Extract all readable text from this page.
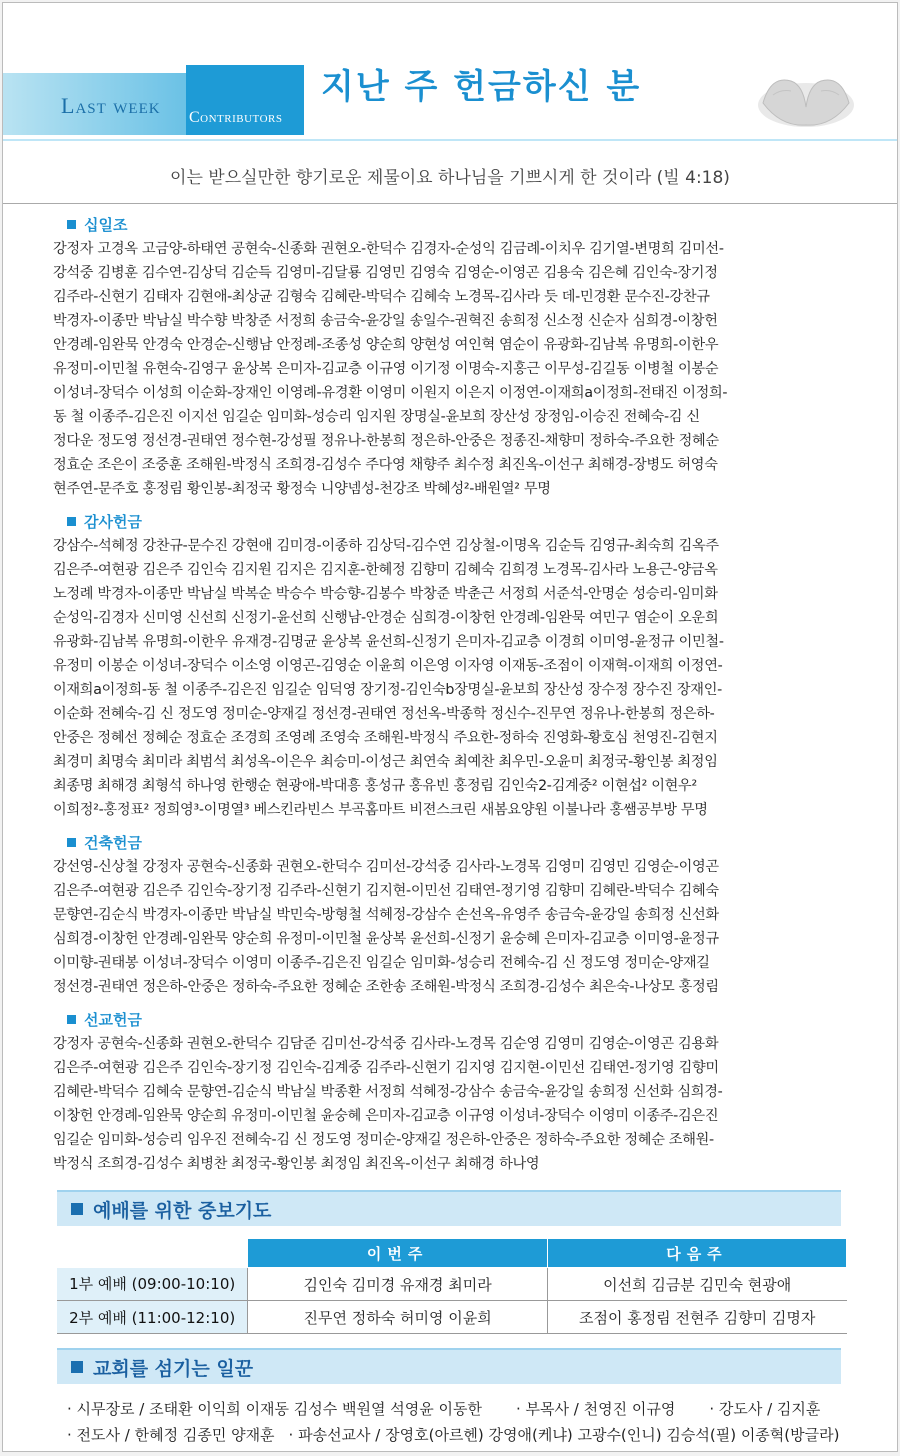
Last week Contributors
지난 주 헌금하신 분
이는 받으실만한 향기로운 제물이요 하나님을 기쁘시게 한 것이라 (빌 4:18)
십일조
강정자 고경옥 고금양-하태연 공현숙-신종화 권현오-한덕수 김경자-순성익 김금례-이치우 김기열-변명희 김미선-
강석중 김병훈 김수연-김상덕 김순득 김영미-김달룡 김영민 김영숙 김영순-이영곤 김용숙 김은혜 김인숙-장기정
김주라-신현기 김태자 김현애-최상균 김형숙 김혜란-박덕수 김혜숙 노경목-김사라 듯 데-민경환 문수진-강찬규
박경자-이종만 박남실 박수향 박창준 서정희 송금숙-윤강일 송일수-권혁진 송희정 신소정 신순자 심희경-이창헌
안경례-임완묵 안경숙 안경순-신행남 안정례-조종성 양순희 양현성 여인혁 염순이 유광화-김남복 유명희-이한우
유정미-이민철 유현숙-김영구 윤상복 은미자-김교층 이규영 이기정 이명숙-지홍근 이무성-김길동 이병철 이봉순
이성녀-장덕수 이성희 이순화-장재인 이영례-유경환 이영미 이원지 이은지 이정연-이재희a이정희-전태진 이정희-
동 철 이종주-김은진 이지선 임길순 임미화-성승리 임지원 장명실-윤보희 장산성 장정임-이승진 전혜숙-김 신
정다운 정도영 정선경-권태연 정수현-강성필 정유나-한봉희 정은하-안중은 정종진-채향미 정하숙-주요한 정혜순
정효순 조은이 조중훈 조해원-박정식 조희경-김성수 주다영 채향주 최수정 최진옥-이선구 최해경-장병도 허영숙
현주연-문주호 홍정림 황인봉-최정국 황정숙 니양넴성-천강조 박혜성²-배원열² 무명
감사헌금
강삼수-석혜정 강찬규-문수진 강현애 김미경-이종하 김상덕-김수연 김상철-이명옥 김순득 김영규-최숙희 김옥주
김은주-여현광 김은주 김인숙 김지원 김지은 김지훈-한혜정 김향미 김혜숙 김희경 노경목-김사라 노용근-양금옥
노정례 박경자-이종만 박남실 박복순 박승수 박승향-김봉수 박창준 박춘근 서정희 서준석-안명순 성승리-임미화
순성익-김경자 신미영 신선희 신정기-윤선희 신행남-안경순 심희경-이창헌 안경례-임완묵 여민구 염순이 오운희
유광화-김남복 유명희-이한우 유재경-김명균 윤상복 윤선희-신정기 은미자-김교층 이경희 이미영-윤정규 이민철-
유정미 이봉순 이성녀-장덕수 이소영 이영곤-김영순 이윤희 이은영 이자영 이재동-조점이 이재혁-이재희 이정연-
이재희a이정희-동 철 이종주-김은진 임길순 임덕영 장기정-김인숙b장명실-윤보희 장산성 장수정 장수진 장재인-
이순화 전혜숙-김 신 정도영 정미순-양재길 정선경-권태연 정선옥-박종학 정신수-진무연 정유나-한봉희 정은하-
안중은 정혜선 정혜순 정효순 조경희 조영례 조영숙 조해원-박정식 주요한-정하숙 진영화-황호심 천영진-김현지
최경미 최명숙 최미라 최범석 최성옥-이은우 최승미-이성근 최연숙 최예찬 최우민-오윤미 최정국-황인봉 최정임
최종명 최해경 최형석 하나영 한행순 현광애-박대흥 홍성규 홍유빈 홍정림 김인숙2-김계중² 이현섭² 이현우²
이희정²-홍정표² 정희영³-이명열³ 베스킨라빈스 부곡홈마트 비젼스크린 새봄요양원 이불나라 홍쌤공부방 무명
건축헌금
강선영-신상철 강정자 공현숙-신종화 권현오-한덕수 김미선-강석중 김사라-노경목 김영미 김영민 김영순-이영곤
김은주-여현광 김은주 김인숙-장기정 김주라-신현기 김지현-이민선 김태연-정기영 김향미 김혜란-박덕수 김혜숙
문향연-김순식 박경자-이종만 박남실 박민숙-방형철 석혜정-강삼수 손선옥-유영주 송금숙-윤강일 송희정 신선화
심희경-이창헌 안경례-임완묵 양순희 유정미-이민철 윤상복 윤선희-신정기 윤숭혜 은미자-김교층 이미영-윤정규
이미향-권태봉 이성녀-장덕수 이영미 이종주-김은진 임길순 임미화-성승리 전혜숙-김 신 정도영 정미순-양재길
정선경-권태연 정은하-안중은 정하숙-주요한 정혜순 조한송 조해원-박정식 조희경-김성수 최은숙-나상모 홍정림
선교헌금
강정자 공현숙-신종화 권현오-한덕수 김담준 김미선-강석중 김사라-노경목 김순영 김영미 김영순-이영곤 김용화
김은주-여현광 김은주 김인숙-장기정 김인숙-김계중 김주라-신현기 김지영 김지현-이민선 김태연-정기영 김향미
김혜란-박덕수 김혜숙 문향연-김순식 박남실 박종환 서정희 석혜정-강삼수 송금숙-윤강일 송희정 신선화 심희경-
이창헌 안경례-임완묵 양순희 유정미-이민철 윤숭혜 은미자-김교층 이규영 이성녀-장덕수 이영미 이종주-김은진
임길순 임미화-성승리 임우진 전혜숙-김 신 정도영 정미순-양재길 정은하-안중은 정하숙-주요한 정혜순 조해원-
박정식 조희경-김성수 최병찬 최정국-황인봉 최정임 최진옥-이선구 최해경 하나영
예배를 위한 중보기도
	이번주	다음주
1부 예배 (09:00-10:10)	김인숙 김미경 유재경 최미라	이선희 김금분 김민숙 현광애
2부 예배 (11:00-12:10)	진무연 정하숙 허미영 이윤희	조점이 홍정림 전현주 김향미 김명자
교회를 섬기는 일꾼
· 시무장로 / 조태환 이익희 이재동 김성수 백원열 석영윤 이동한 · 부목사 / 천영진 이규영 · 강도사 / 김지훈
· 전도사 / 한혜정 김종민 양재훈 · 파송선교사 / 장영호(아르헨) 강영애(케냐) 고광수(인니) 김승석(필) 이종혁(방글라)
